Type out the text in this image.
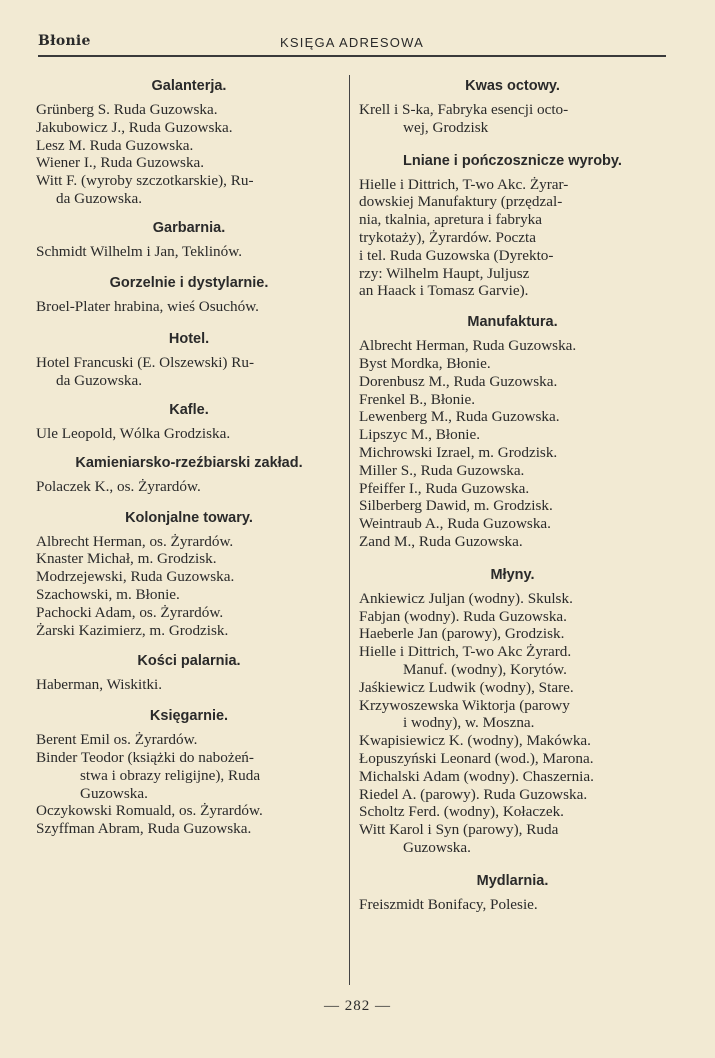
Błonie	KSIĘGA ADRESOWA
Galanterja.
Grünberg S. Ruda Guzowska.
Jakubowicz J., Ruda Guzowska.
Lesz M. Ruda Guzowska.
Wiener I., Ruda Guzowska.
Witt F. (wyroby szczotkarskie), Ru-
da Guzowska.
Garbarnia.
Schmidt Wilhelm i Jan, Teklinów.
Gorzelnie i dystylarnie.
Broel-Plater hrabina, wieś Osuchów.
Hotel.
Hotel Francuski (E. Olszewski) Ru-
da Guzowska.
Kafle.
Ule Leopold, Wólka Grodziska.
Kamieniarsko-rzeźbiarski zakład.
Polaczek K., os. Żyrardów.
Kolonjalne towary.
Albrecht Herman, os. Żyrardów.
Knaster Michał, m. Grodzisk.
Modrzejewski, Ruda Guzowska.
Szachowski, m. Błonie.
Pachocki Adam, os. Żyrardów.
Żarski Kazimierz, m. Grodzisk.
Kości palarnia.
Haberman, Wiskitki.
Księgarnie.
Berent Emil os. Żyrardów.
Binder Teodor (książki do nabożeń-
stwa i obrazy religijne), Ruda
Guzowska.
Oczykowski Romuald, os. Żyrardów.
Szyffman Abram, Ruda Guzowska.
Kwas octowy.
Krell i S-ka, Fabryka esencji octo-
wej, Grodzisk
Lniane i pończosznicze wyroby.
Hielle i Dittrich, T-wo Akc. Żyrar-
dowskiej Manufaktury (przędzal-
nia, tkalnia, apretura i fabryka
trykotaży), Żyrardów. Poczta
i tel. Ruda Guzowska (Dyrekto-
rzy: Wilhelm Haupt, Juljusz
an Haack i Tomasz Garvie).
Manufaktura.
Albrecht Herman, Ruda Guzowska.
Byst Mordka, Błonie.
Dorenbusz M., Ruda Guzowska.
Frenkel B., Błonie.
Lewenberg M., Ruda Guzowska.
Lipszyc M., Błonie.
Michrowski Izrael, m. Grodzisk.
Miller S., Ruda Guzowska.
Pfeiffer I., Ruda Guzowska.
Silberberg Dawid, m. Grodzisk.
Weintraub A., Ruda Guzowska.
Zand M., Ruda Guzowska.
Młyny.
Ankiewicz Juljan (wodny). Skulsk.
Fabjan (wodny). Ruda Guzowska.
Haeberle Jan (parowy), Grodzisk.
Hielle i Dittrich, T-wo Akc Żyrard.
Manuf. (wodny), Korytów.
Jaśkiewicz Ludwik (wodny), Stare.
Krzywoszewska Wiktorja (parowy
i wodny), w. Moszna.
Kwapisiewicz K. (wodny), Makówka.
Łopuszyński Leonard (wod.), Marona.
Michalski Adam (wodny). Chaszernia.
Riedel A. (parowy). Ruda Guzowska.
Scholtz Ferd. (wodny), Kołaczek.
Witt Karol i Syn (parowy), Ruda
Guzowska.
Mydlarnia.
Freiszmidt Bonifacy, Polesie.
— 282 —
